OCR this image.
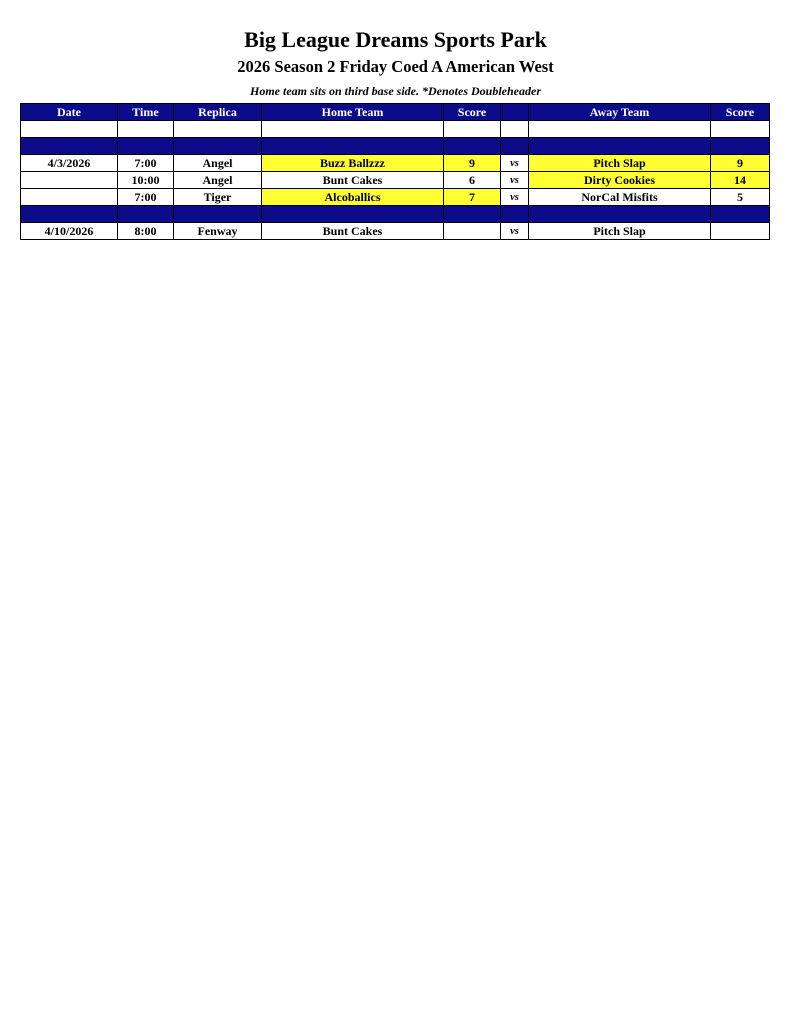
Big League Dreams Sports Park
2026 Season 2 Friday Coed A American West
Home team sits on third base side. *Denotes Doubleheader
Date	Time	Replica	Home Team	Score		Away Team	Score

4/3/2026	7:00	Angel	Buzz Ballzzz	9	vs	Pitch Slap	9
	10:00	Angel	Bunt Cakes	6	vs	Dirty Cookies	14
	7:00	Tiger	Alcoballics	7	vs	NorCal Misfits	5

4/10/2026	8:00	Fenway	Bunt Cakes		vs	Pitch Slap	
